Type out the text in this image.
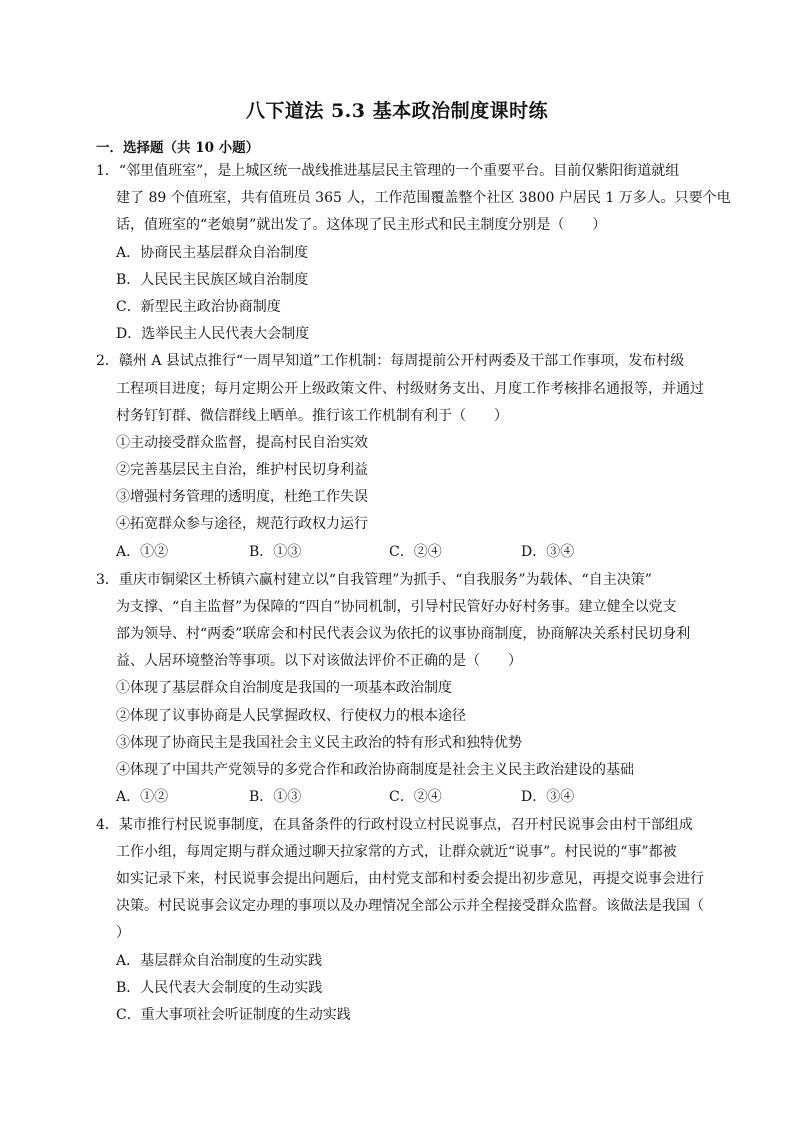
八下道法 5.3 基本政治制度课时练
一．选择题（共 10 小题）
1．“邻里值班室”，是上城区统一战线推进基层民主管理的一个重要平台。目前仅紫阳街道就组
建了 89 个值班室，共有值班员 365 人，工作范围覆盖整个社区 3800 户居民 1 万多人。只要个电
话，值班室的“老娘舅”就出发了。这体现了民主形式和民主制度分别是（　　）
A．协商民主基层群众自治制度
B．人民民主民族区域自治制度
C．新型民主政治协商制度
D．选举民主人民代表大会制度
2．赣州 A 县试点推行“一周早知道”工作机制：每周提前公开村两委及干部工作事项，发布村级
工程项目进度；每月定期公开上级政策文件、村级财务支出、月度工作考核排名通报等，并通过
村务钉钉群、微信群线上晒单。推行该工作机制有利于（　　）
①主动接受群众监督，提高村民自治实效
②完善基层民主自治，维护村民切身利益
③增强村务管理的透明度，杜绝工作失误
④拓宽群众参与途径，规范行政权力运行
A．①②	B．①③	C．②④	D．③④
3．重庆市铜梁区土桥镇六赢村建立以“自我管理”为抓手、“自我服务”为载体、“自主决策”
为支撑、“自主监督”为保障的“四自”协同机制，引导村民管好办好村务事。建立健全以党支
部为领导、村“两委”联席会和村民代表会议为依托的议事协商制度，协商解决关系村民切身利
益、人居环境整治等事项。以下对该做法评价不正确的是（　　）
①体现了基层群众自治制度是我国的一项基本政治制度
②体现了议事协商是人民掌握政权、行使权力的根本途径
③体现了协商民主是我国社会主义民主政治的特有形式和独特优势
④体现了中国共产党领导的多党合作和政治协商制度是社会主义民主政治建设的基础
A．①②	B．①③	C．②④	D．③④
4．某市推行村民说事制度，在具备条件的行政村设立村民说事点，召开村民说事会由村干部组成
工作小组，每周定期与群众通过聊天拉家常的方式，让群众就近“说事”。村民说的“事”都被
如实记录下来，村民说事会提出问题后，由村党支部和村委会提出初步意见，再提交说事会进行
决策。村民说事会议定办理的事项以及办理情况全部公示并全程接受群众监督。该做法是我国（
）
A．基层群众自治制度的生动实践
B．人民代表大会制度的生动实践
C．重大事项社会听证制度的生动实践
